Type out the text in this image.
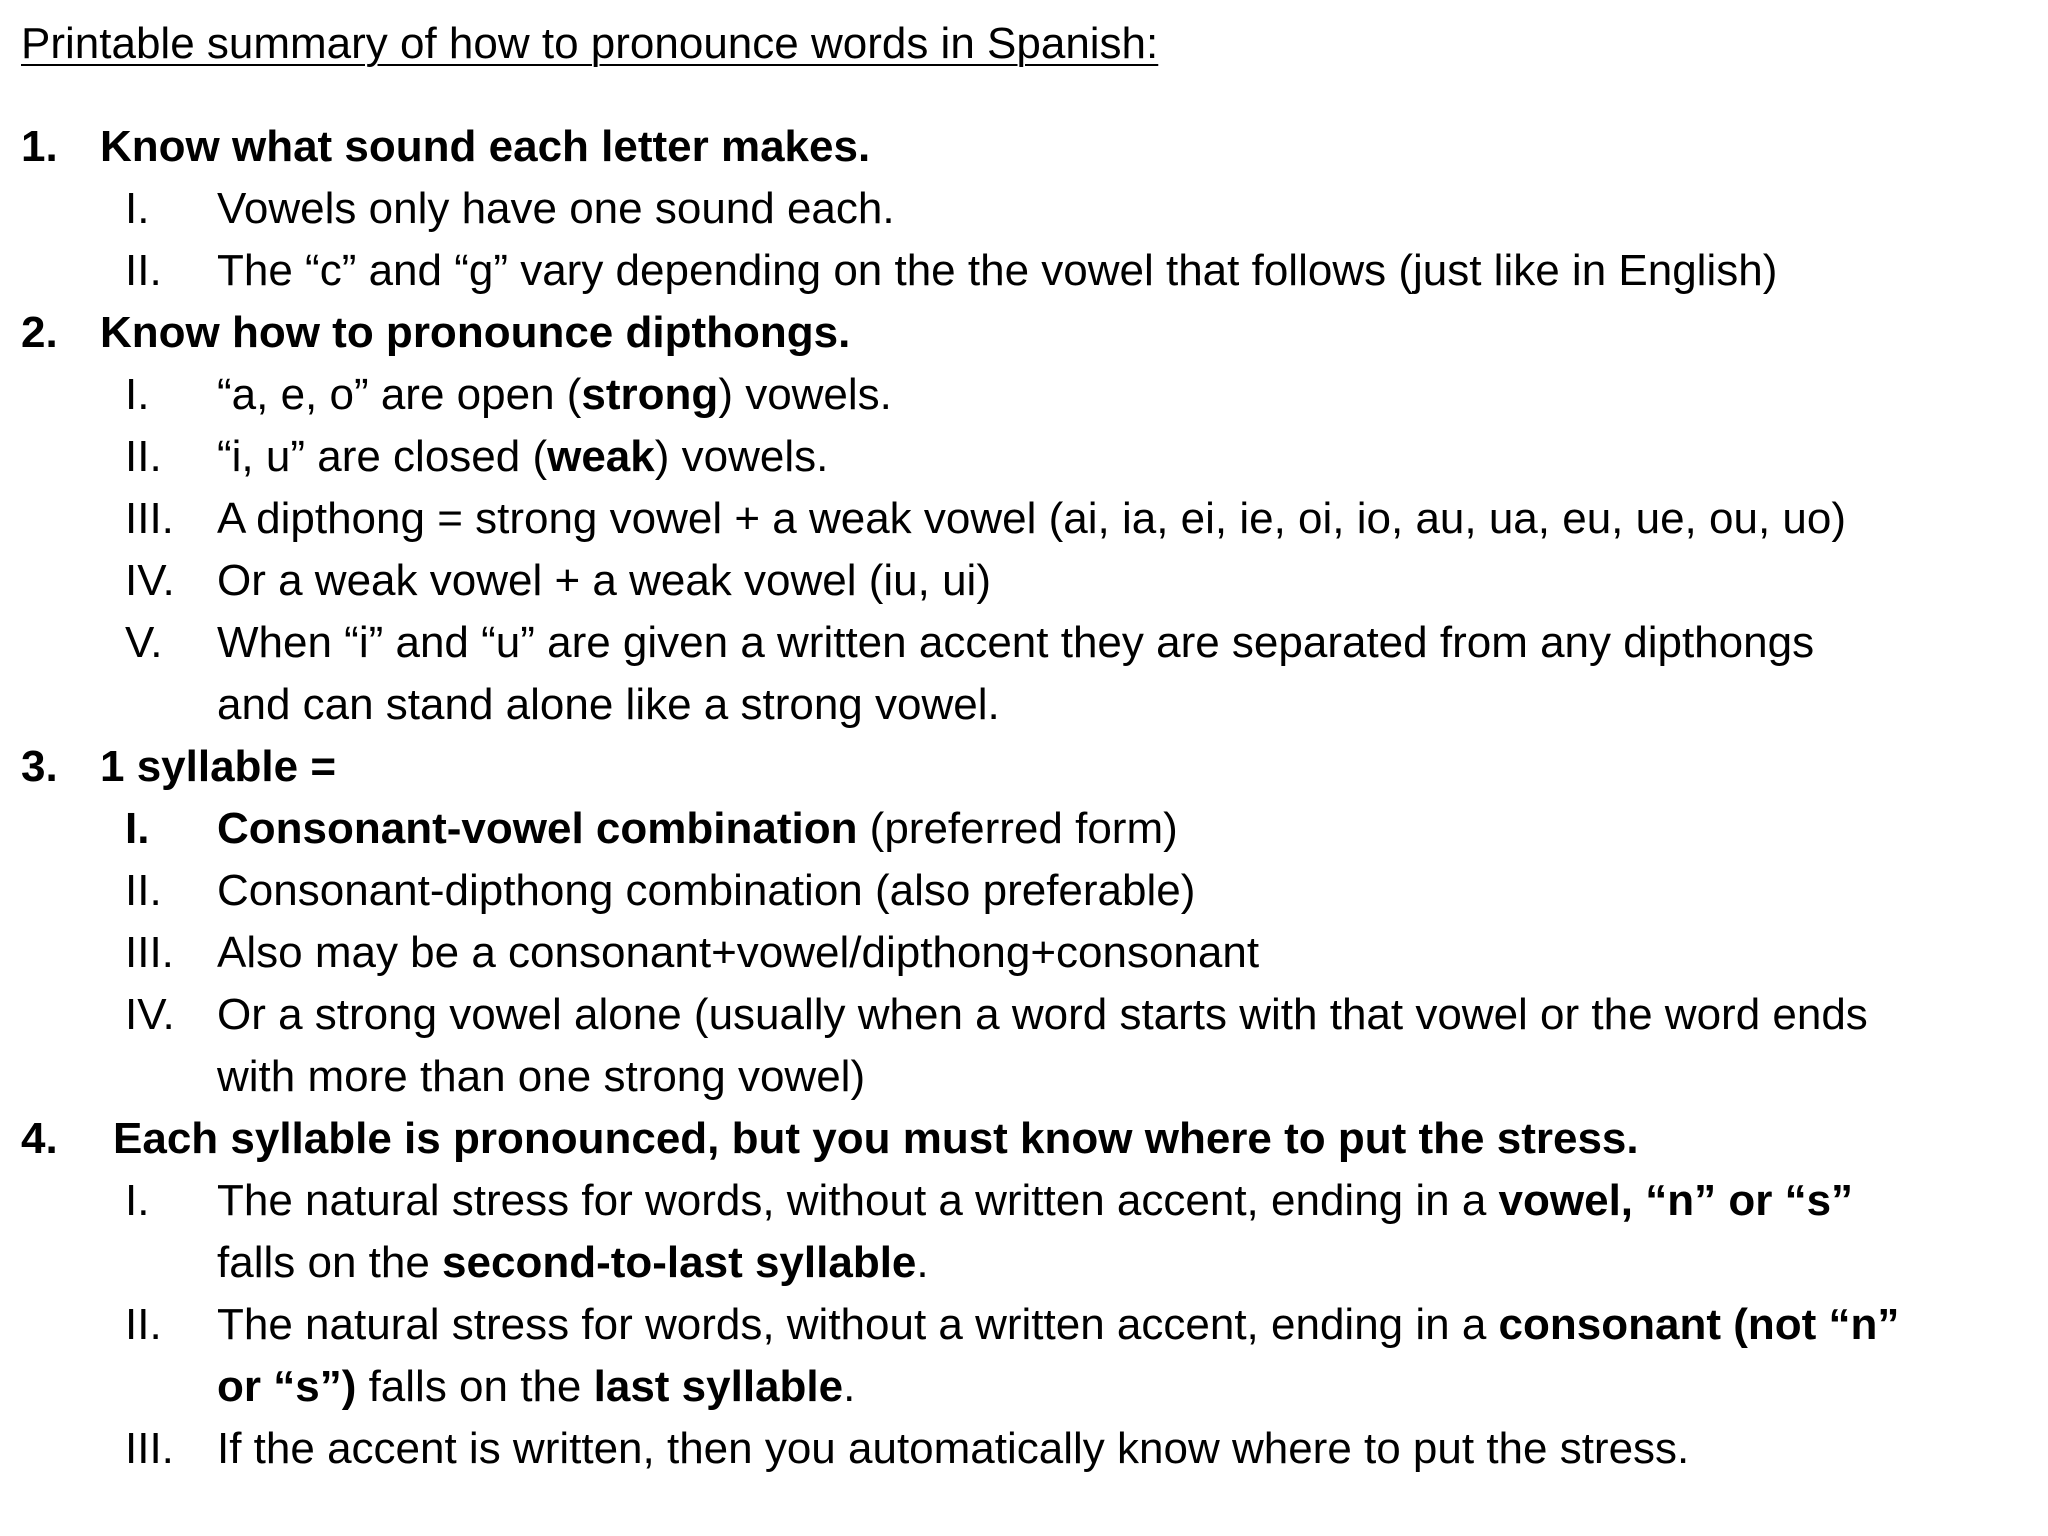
Printable summary of how to pronounce words in Spanish:
1. Know what sound each letter makes.
I. Vowels only have one sound each.
II. The “c” and “g” vary depending on the the vowel that follows (just like in English)
2. Know how to pronounce dipthongs.
I. “a, e, o” are open (strong) vowels.
II. “i, u” are closed (weak) vowels.
III. A dipthong = strong vowel + a weak vowel (ai, ia, ei, ie, oi, io, au, ua, eu, ue, ou, uo)
IV. Or a weak vowel + a weak vowel (iu, ui)
V. When “i” and “u” are given a written accent they are separated from any dipthongs
and can stand alone like a strong vowel.
3. 1 syllable =
I. Consonant-vowel combination (preferred form)
II. Consonant-dipthong combination (also preferable)
III. Also may be a consonant+vowel/dipthong+consonant
IV. Or a strong vowel alone (usually when a word starts with that vowel or the word ends
with more than one strong vowel)
4. Each syllable is pronounced, but you must know where to put the stress.
I. The natural stress for words, without a written accent, ending in a vowel, “n” or “s”
falls on the second-to-last syllable.
II. The natural stress for words, without a written accent, ending in a consonant (not “n”
or “s”) falls on the last syllable.
III. If the accent is written, then you automatically know where to put the stress.
